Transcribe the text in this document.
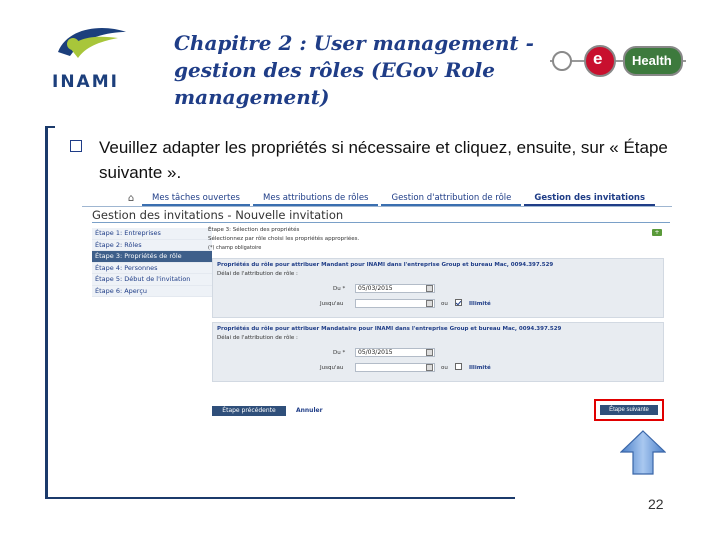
INAMI
Chapitre 2 : User management - gestion des rôles (EGov Role management)
e Health
Veuillez adapter les propriétés si nécessaire et cliquez, ensuite, sur « Étape suivante ».
⌂	Mes tâches ouvertes	Mes attributions de rôles	Gestion d'attribution de rôle	Gestion des invitations
Gestion des invitations - Nouvelle invitation
Étape 1: Entreprises
Étape 2: Rôles
Étape 3: Propriétés de rôle
Étape 4: Personnes
Étape 5: Début de l'invitation
Étape 6: Aperçu
Étape 3: Sélection des propriétés
Sélectionnez par rôle choisi les propriétés appropriées.
(*) champ obligatoire
+
Propriétés du rôle pour attribuer Mandant pour INAMI dans l'entreprise Group et bureau Mac, 0094.397.529
Délai de l'attribution de rôle :
Du *	05/03/2015
Jusqu'au	ou	Illimité
Propriétés du rôle pour attribuer Mandataire pour INAMI dans l'entreprise Group et bureau Mac, 0094.397.529
Délai de l'attribution de rôle :
Du *	05/03/2015
Jusqu'au	ou	Illimité
Étape précédente	Annuler	Étape suivante
22
